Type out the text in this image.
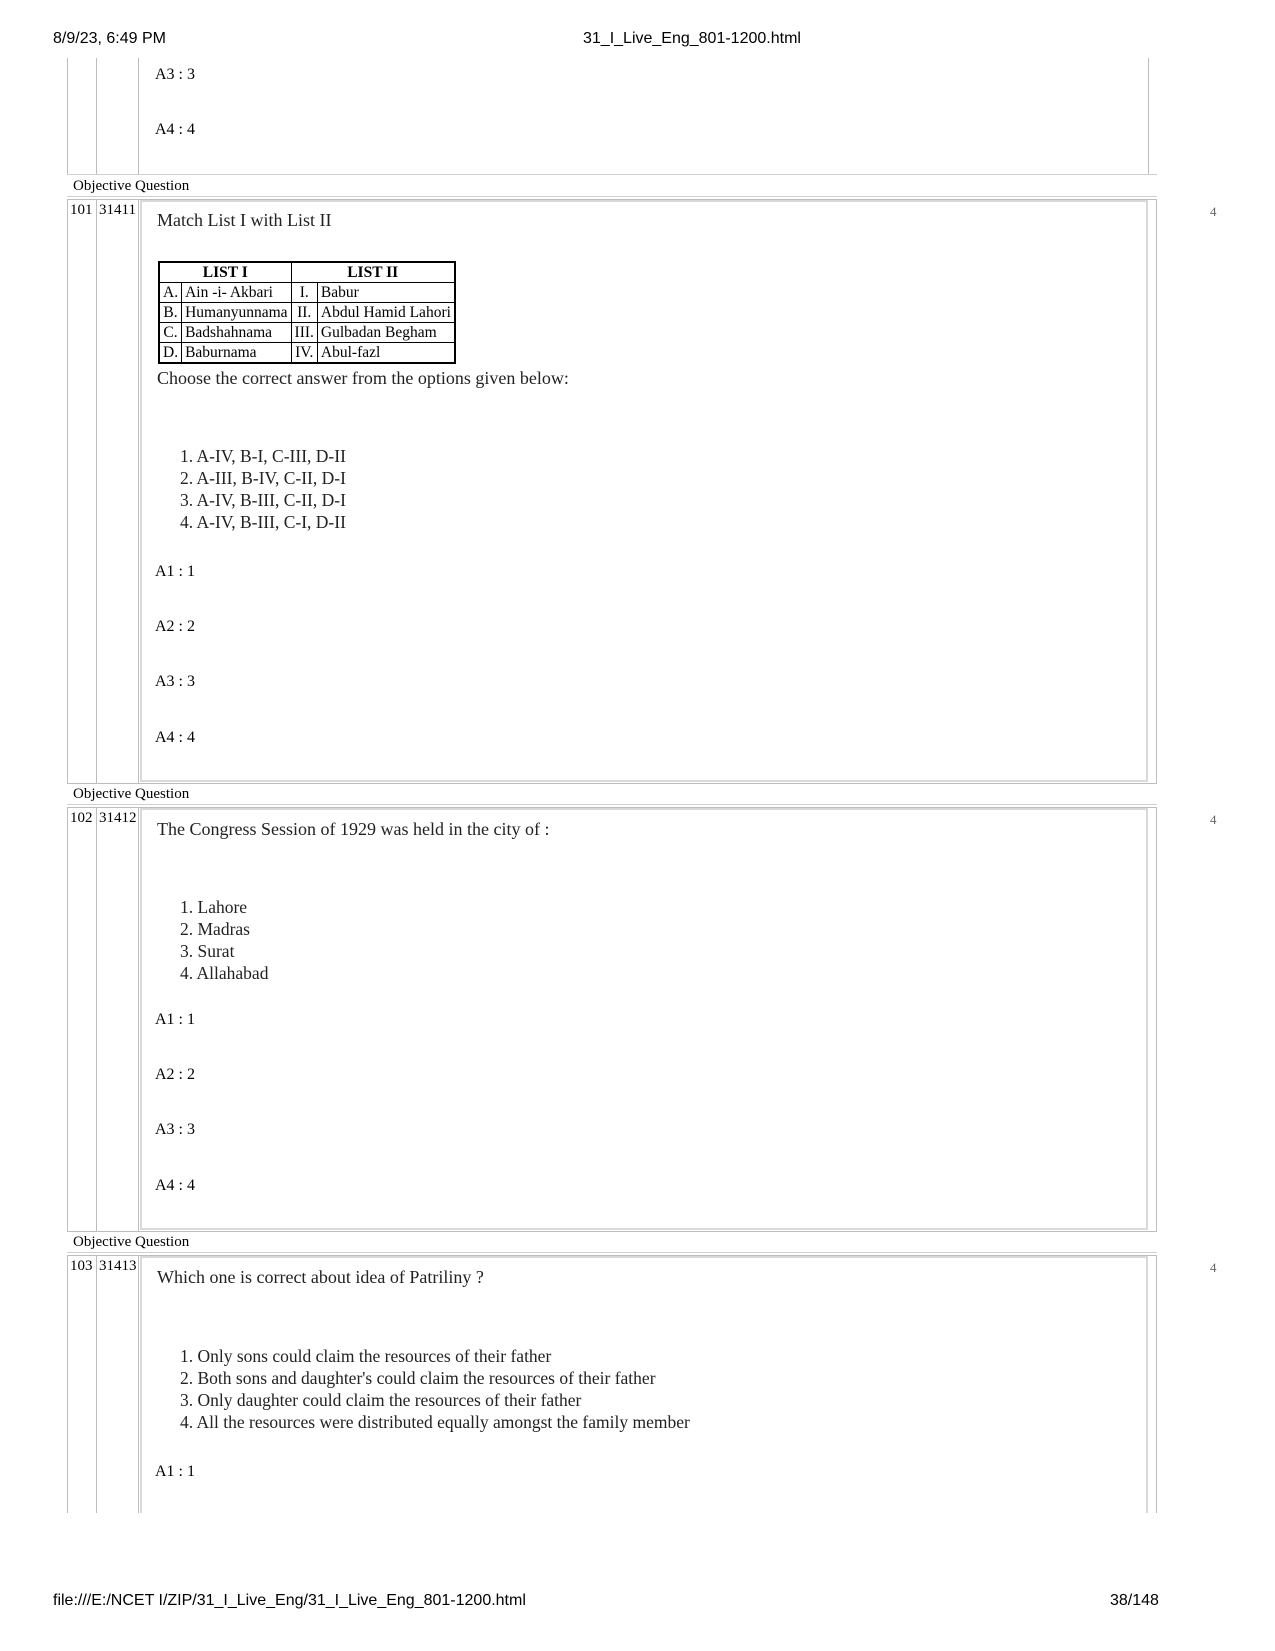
8/9/23, 6:49 PM	31_I_Live_Eng_801-1200.html
file:///E:/NCET I/ZIP/31_I_Live_Eng/31_I_Live_Eng_801-1200.html	38/148
A3 : 3
A4 : 4
Objective Question
101 31411	4
Match List I with List II
LIST I		LIST II	
A.	Ain -i- Akbari	I.	Babur
B.	Humanyunnama	II.	Abdul Hamid Lahori
C.	Badshahnama	III.	Gulbadan Begham
D.	Baburnama	IV.	Abul-fazl
Choose the correct answer from the options given below:
1. A-IV, B-I, C-III, D-II
2. A-III, B-IV, C-II, D-I
3. A-IV, B-III, C-II, D-I
4. A-IV, B-III, C-I, D-II
A1 : 1
A2 : 2
A3 : 3
A4 : 4
Objective Question
102 31412	4
The Congress Session of 1929 was held in the city of :
1. Lahore
2. Madras
3. Surat
4. Allahabad
A1 : 1
A2 : 2
A3 : 3
A4 : 4
Objective Question
103 31413	4
Which one is correct about idea of Patriliny ?
1. Only sons could claim the resources of their father
2. Both sons and daughter's could claim the resources of their father
3. Only daughter could claim the resources of their father
4. All the resources were distributed equally amongst the family member
A1 : 1
